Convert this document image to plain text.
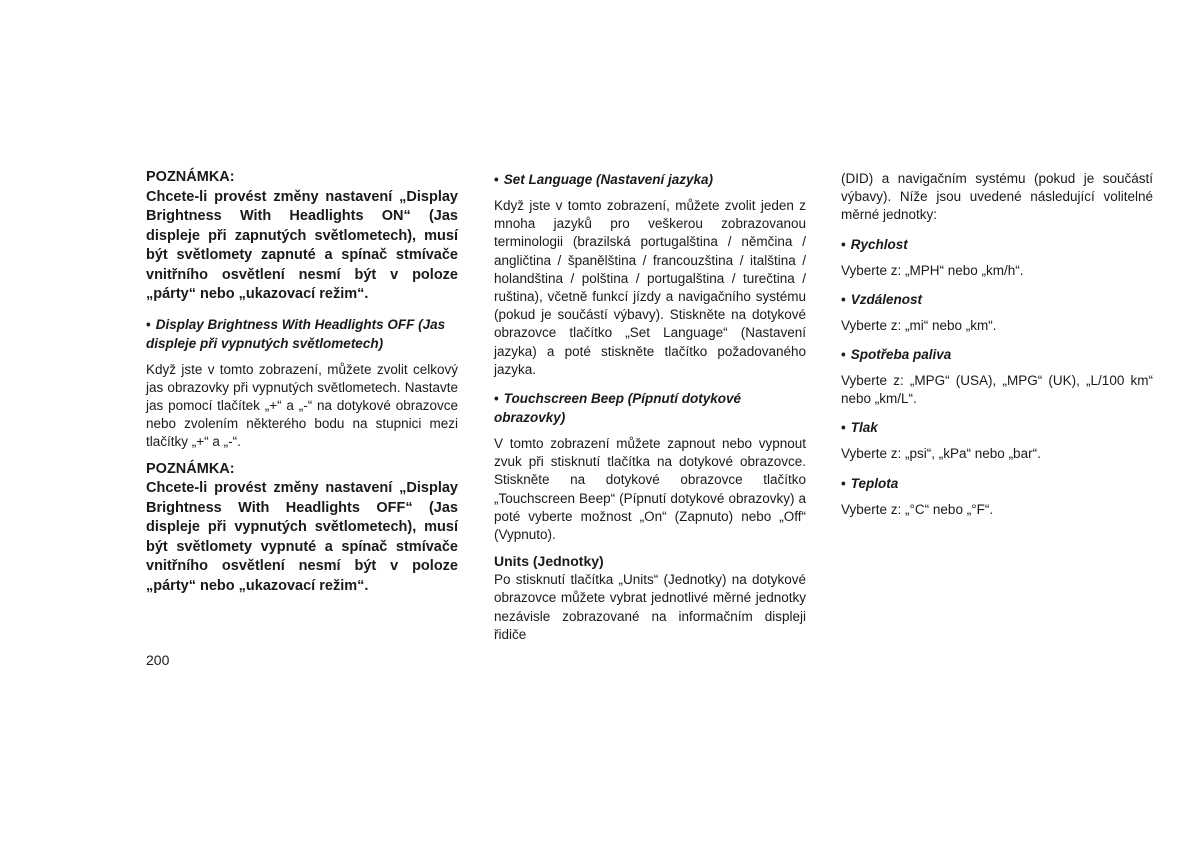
POZNÁMKA:

Chcete-li provést změny nastavení „Display Brightness With Headlights ON“ (Jas displeje při zapnutých světlometech), musí být světlomety zapnuté a spínač stmívače vnitřního osvětlení nesmí být v poloze „párty“ nebo „ukazovací režim“.

• Display Brightness With Headlights OFF (Jas displeje při vypnutých světlometech)

Když jste v tomto zobrazení, můžete zvolit celkový jas obrazovky při vypnutých světlometech. Nastavte jas pomocí tlačítek „+“ a „-“ na dotykové obrazovce nebo zvolením některého bodu na stupnici mezi tlačítky „+“ a „-“.

POZNÁMKA:

Chcete-li provést změny nastavení „Display Brightness With Headlights OFF“ (Jas displeje při vypnutých světlometech), musí být světlomety vypnuté a spínač stmívače vnitřního osvětlení nesmí být v poloze „párty“ nebo „ukazovací režim“.

• Set Language (Nastavení jazyka)

Když jste v tomto zobrazení, můžete zvolit jeden z mnoha jazyků pro veškerou zobrazovanou terminologii (brazilská portugalština / němčina / angličtina / španělština / francouzština / italština / holandština / polština / portugalština / turečtina / ruština), včetně funkcí jízdy a navigačního systému (pokud je součástí výbavy). Stiskněte na dotykové obrazovce tlačítko „Set Language“ (Nastavení jazyka) a poté stiskněte tlačítko požadovaného jazyka.

• Touchscreen Beep (Pípnutí dotykové obrazovky)

V tomto zobrazení můžete zapnout nebo vypnout zvuk při stisknutí tlačítka na dotykové obrazovce. Stiskněte na dotykové obrazovce tlačítko „Touchscreen Beep“ (Pípnutí dotykové obrazovky) a poté vyberte možnost „On“ (Zapnuto) nebo „Off“ (Vypnuto).

Units (Jednotky)

Po stisknutí tlačítka „Units“ (Jednotky) na dotykové obrazovce můžete vybrat jednotlivé měrné jednotky nezávisle zobrazované na informačním displeji řidiče

(DID) a navigačním systému (pokud je součástí výbavy). Níže jsou uvedené následující volitelné měrné jednotky:

• Rychlost

Vyberte z: „MPH“ nebo „km/h“.

• Vzdálenost

Vyberte z: „mi“ nebo „km“.

• Spotřeba paliva

Vyberte z: „MPG“ (USA), „MPG“ (UK), „L/100 km“ nebo „km/L“.

• Tlak

Vyberte z: „psi“, „kPa“ nebo „bar“.

• Teplota

Vyberte z: „°C“ nebo „°F“.

200
